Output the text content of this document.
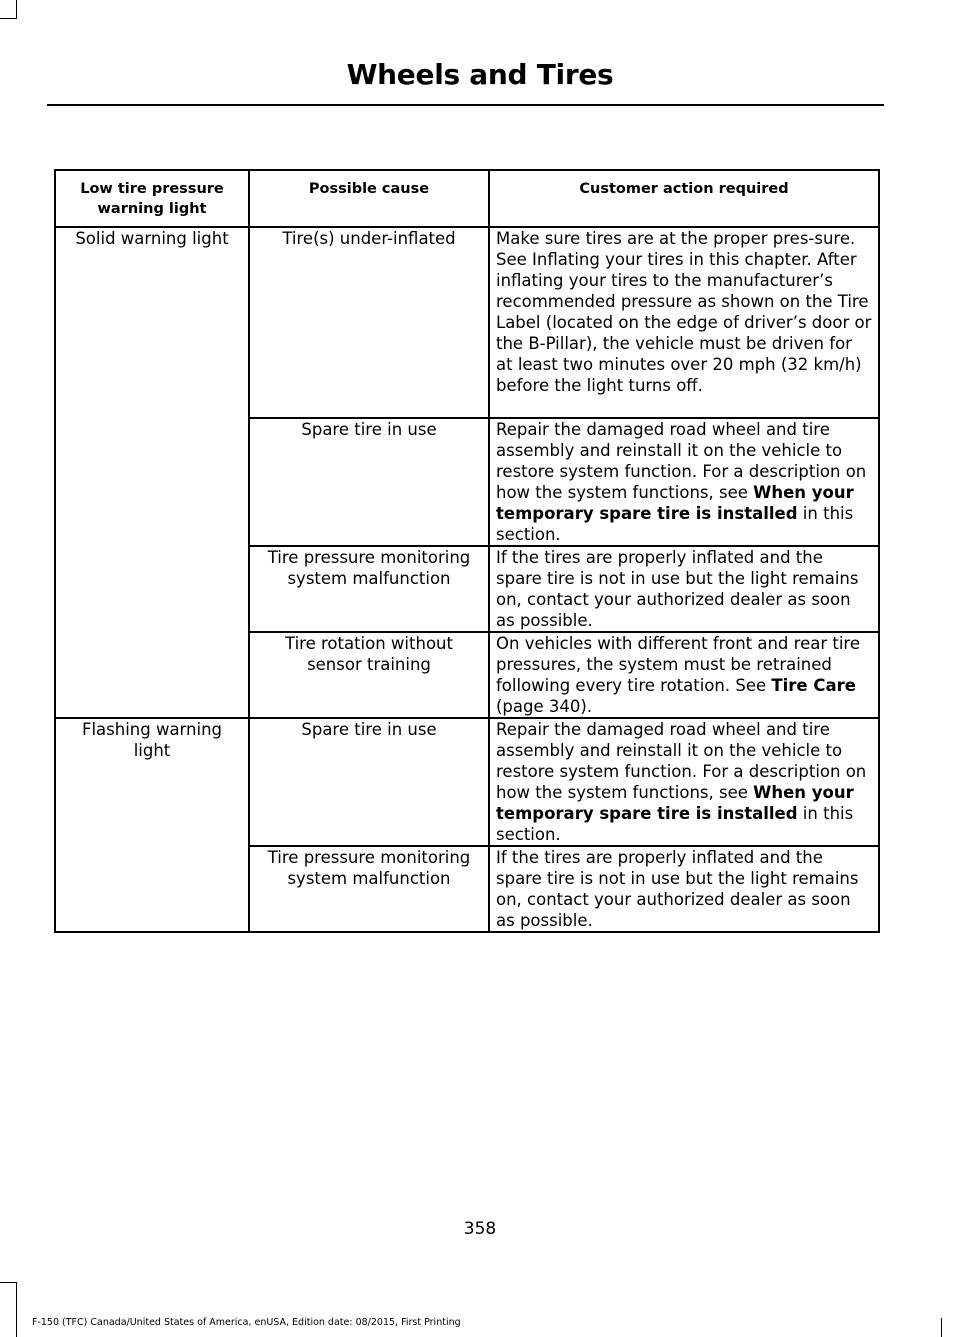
Wheels and Tires
Low tire pressure warning light	Possible cause	Customer action required
Solid warning light	Tire(s) under-inflated	Make sure tires are at the proper pres-sure. See Inflating your tires in this chapter. After inflating your tires to the manufacturer’s recommended pressure as shown on the Tire Label (located on the edge of driver’s door or the B-Pillar), the vehicle must be driven for at least two minutes over 20 mph (32 km/h) before the light turns off.
	Spare tire in use	Repair the damaged road wheel and tire assembly and reinstall it on the vehicle to restore system function. For a description on how the system functions, see When your temporary spare tire is installed in this section.
	Tire pressure monitoring system malfunction	If the tires are properly inflated and the spare tire is not in use but the light remains on, contact your authorized dealer as soon as possible.
	Tire rotation without sensor training	On vehicles with different front and rear tire pressures, the system must be retrained following every tire rotation. See Tire Care (page 340).
Flashing warning light	Spare tire in use	Repair the damaged road wheel and tire assembly and reinstall it on the vehicle to restore system function. For a description on how the system functions, see When your temporary spare tire is installed in this section.
	Tire pressure monitoring system malfunction	If the tires are properly inflated and the spare tire is not in use but the light remains on, contact your authorized dealer as soon as possible.
358
F-150 (TFC) Canada/United States of America, enUSA, Edition date: 08/2015, First Printing
